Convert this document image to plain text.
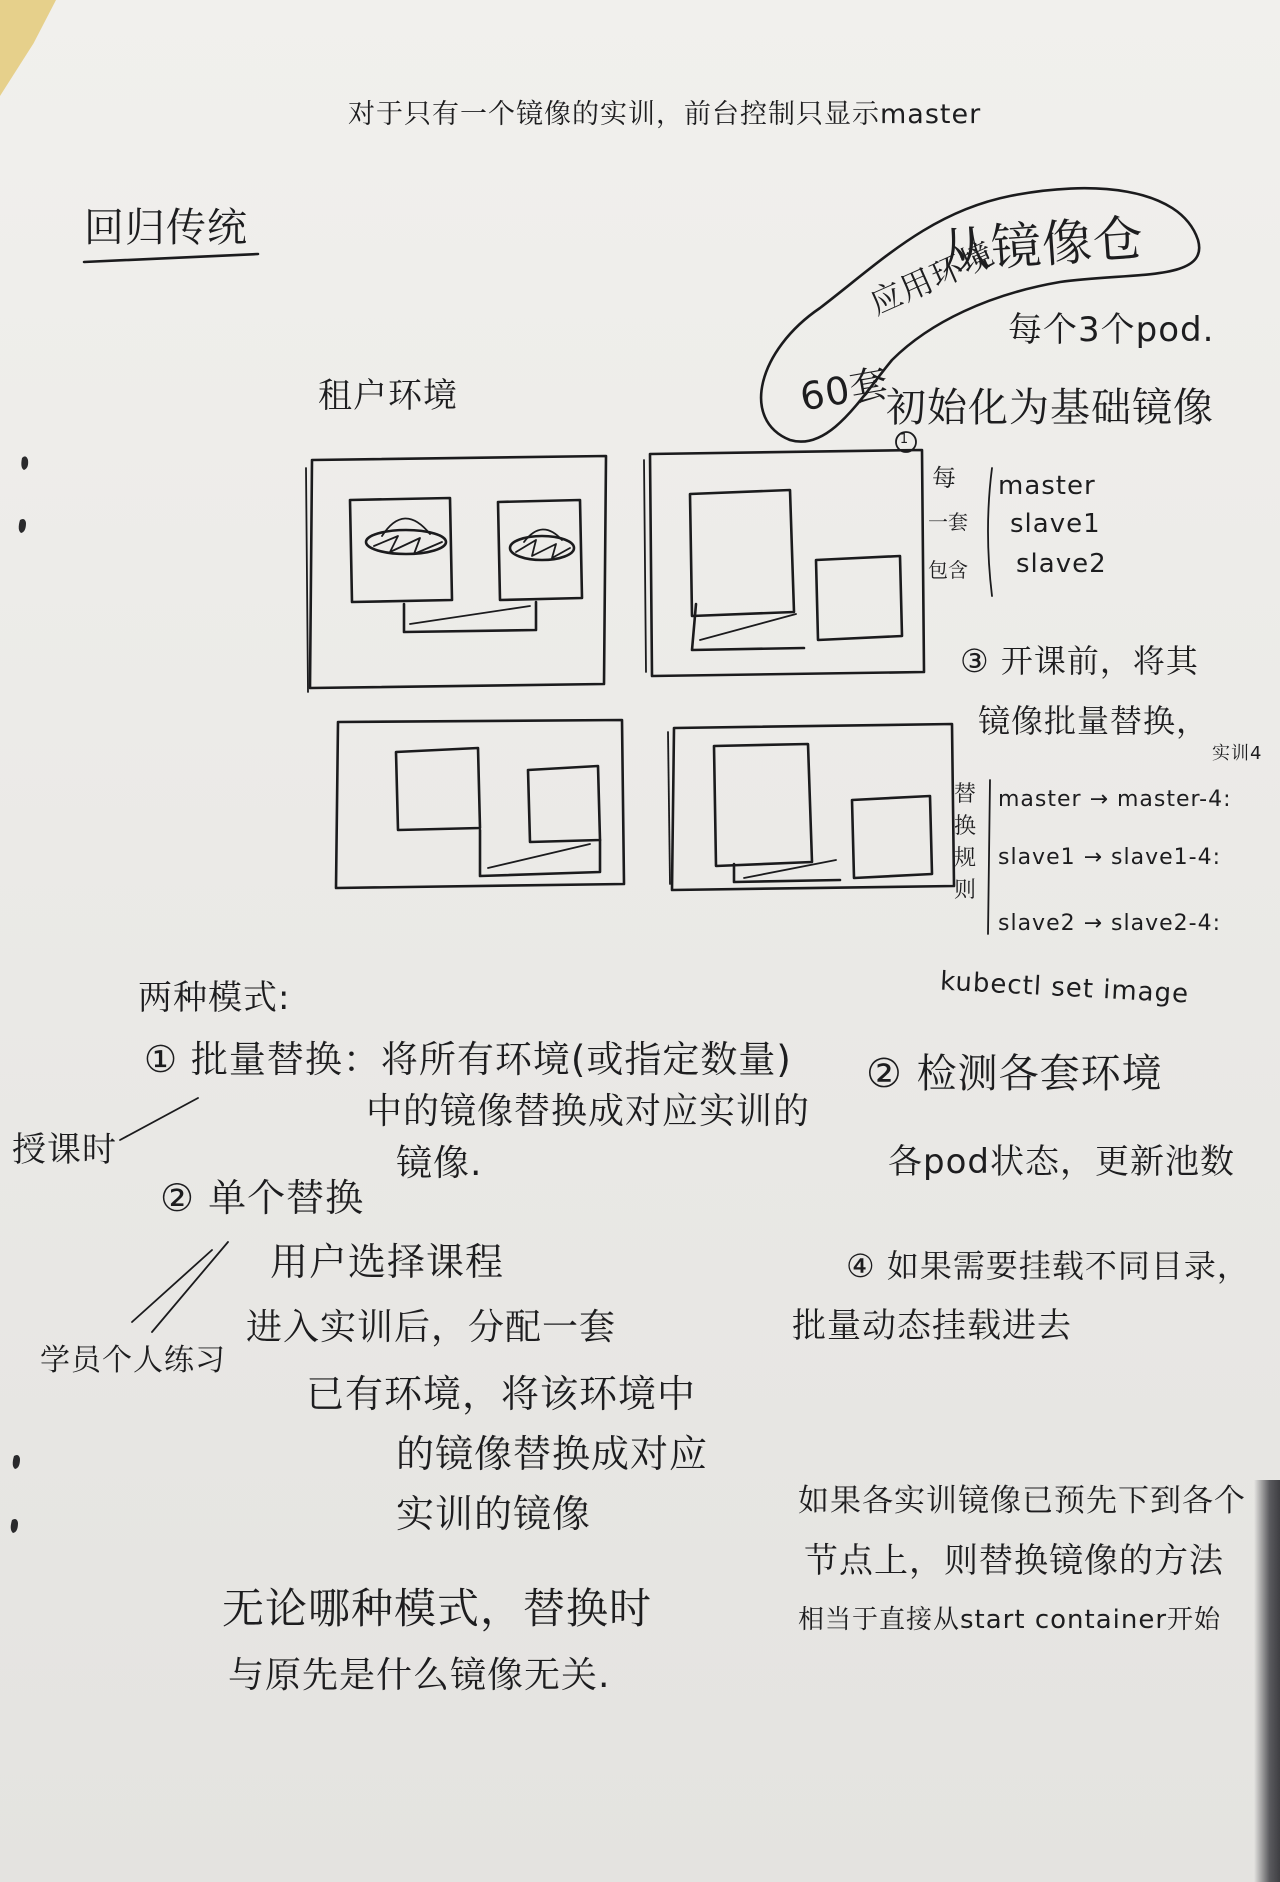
对于只有一个镜像的实训，前台控制只显示master
回归传统	从镜像仓
应用环境
每个3个pod.
60套
初始化为基础镜像
1
租户环境
每
一套
包含
master
slave1
slave2
③ 开课前，将其
镜像批量替换，
实训4
替
换
规
则
master → master-4:
slave1 → slave1-4:
slave2 → slave2-4:
kubectl set image
两种模式:
① 批量替换：将所有环境(或指定数量)
中的镜像替换成对应实训的
镜像.
授课时
② 单个替换
用户选择课程
进入实训后，分配一套
已有环境，将该环境中
的镜像替换成对应
实训的镜像
学员个人练习
无论哪种模式，替换时
与原先是什么镜像无关.
② 检测各套环境
各pod状态，更新池数
④ 如果需要挂载不同目录，
批量动态挂载进去
如果各实训镜像已预先下到各个
节点上，则替换镜像的方法
相当于直接从start container开始
